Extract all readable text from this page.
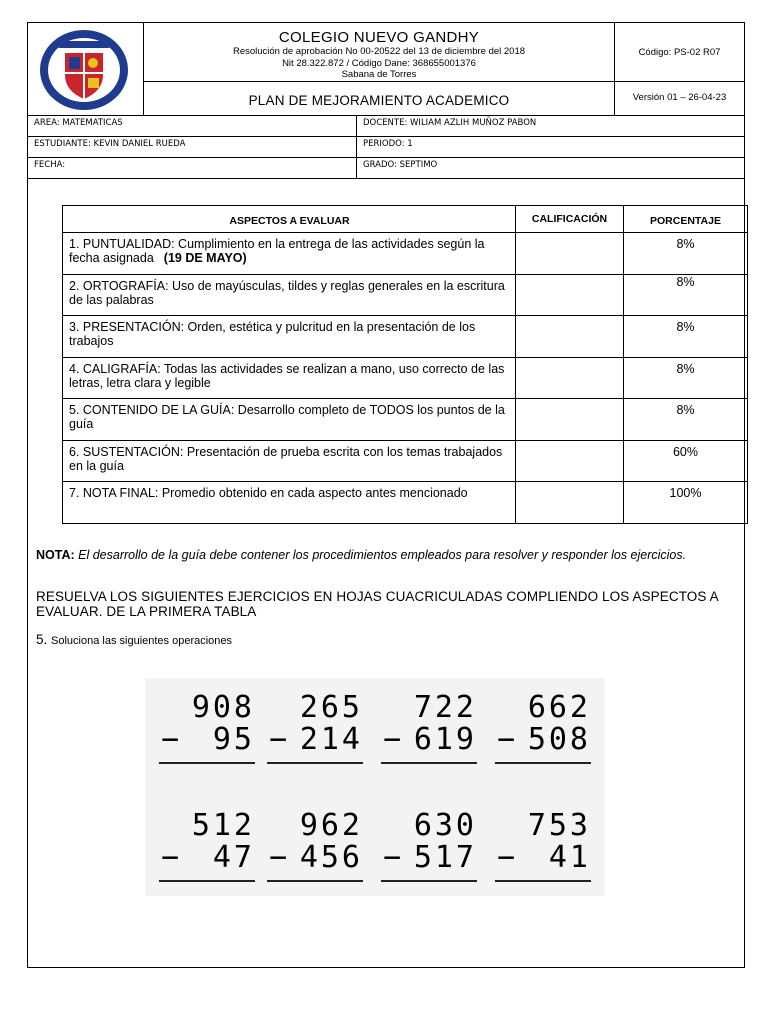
COLEGIO NUEVO GANDHY
Resolución de aprobación No 00-20522 del 13 de diciembre del 2018
Nit 28.322.872 / Código Dane: 368655001376
Sabana de Torres
Código: PS-02 R07
PLAN DE MEJORAMIENTO ACADEMICO	Versión 01 – 26-04-23
AREA: MATEMATICAS	DOCENTE: WILIAM AZLIH MUÑOZ PABON
ESTUDIANTE: KEVIN DANIEL RUEDA	PERIODO: 1
FECHA:	GRADO: SEPTIMO
ASPECTOS A EVALUAR	CALIFICACIÓN	PORCENTAJE
1. PUNTUALIDAD: Cumplimiento en la entrega de las actividades según la fecha asignada (19 DE MAYO)		8%
2. ORTOGRAFÍA: Uso de mayúsculas, tildes y reglas generales en la escritura de las palabras		8%
3. PRESENTACIÓN: Orden, estética y pulcritud en la presentación de los trabajos		8%
4. CALIGRAFÍA: Todas las actividades se realizan a mano, uso correcto de las letras, letra clara y legible		8%
5. CONTENIDO DE LA GUÍA: Desarrollo completo de TODOS los puntos de la guía		8%
6. SUSTENTACIÓN: Presentación de prueba escrita con los temas trabajados en la guía		60%
7. NOTA FINAL: Promedio obtenido en cada aspecto antes mencionado		100%
NOTA: El desarrollo de la guía debe contener los procedimientos empleados para resolver y responder los ejercicios.
RESUELVA LOS SIGUIENTES EJERCICIOS EN HOJAS CUACRICULADAS COMPLIENDO LOS ASPECTOS A EVALUAR. DE LA PRIMERA TABLA
5. Soluciona las siguientes operaciones
908
− 95
265
− 214
722
− 619
662
− 508
512
− 47
962
− 456
630
− 517
753
− 41
